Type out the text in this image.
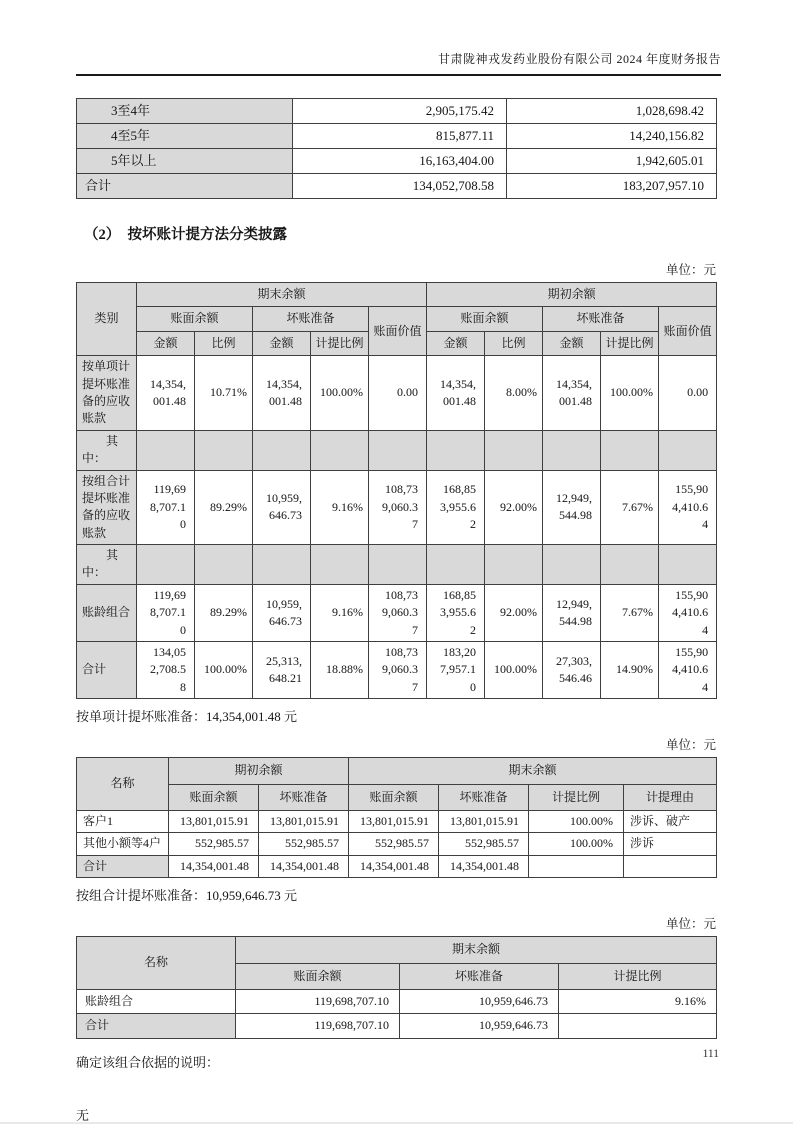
甘肃陇神戎发药业股份有限公司 2024 年度财务报告
3至4年	2,905,175.42	1,028,698.42
4至5年	815,877.11	14,240,156.82
5年以上	16,163,404.00	1,942,605.01
合计	134,052,708.58	183,207,957.10
（2）　按坏账计提方法分类披露
单位：元
类别	期末余额					期初余额				
	账面余额		坏账准备		账面价值	账面余额		坏账准备		账面价值
	金额	比例	金额	计提比例		金额	比例	金额	计提比例	
按单项计提坏账准备的应收账款	14,354,001.48	10.71%	14,354,001.48	100.00%	0.00	14,354,001.48	8.00%	14,354,001.48	100.00%	0.00
其中：										
按组合计提坏账准备的应收账款	119,698,707.10	89.29%	10,959,646.73	9.16%	108,739,060.37	168,853,955.62	92.00%	12,949,544.98	7.67%	155,904,410.64
其中：										
账龄组合	119,698,707.10	89.29%	10,959,646.73	9.16%	108,739,060.37	168,853,955.62	92.00%	12,949,544.98	7.67%	155,904,410.64
合计	134,052,708.58	100.00%	25,313,648.21	18.88%	108,739,060.37	183,207,957.10	100.00%	27,303,546.46	14.90%	155,904,410.64
按单项计提坏账准备：14,354,001.48 元
单位：元
名称	期初余额		期末余额			
	账面余额	坏账准备	账面余额	坏账准备	计提比例	计提理由
客户1	13,801,015.91	13,801,015.91	13,801,015.91	13,801,015.91	100.00%	涉诉、破产
其他小额等4户	552,985.57	552,985.57	552,985.57	552,985.57	100.00%	涉诉
合计	14,354,001.48	14,354,001.48	14,354,001.48	14,354,001.48		
按组合计提坏账准备：10,959,646.73 元
单位：元
名称	期末余额		
	账面余额	坏账准备	计提比例
账龄组合	119,698,707.10	10,959,646.73	9.16%
合计	119,698,707.10	10,959,646.73	
确定该组合依据的说明：
无
111
